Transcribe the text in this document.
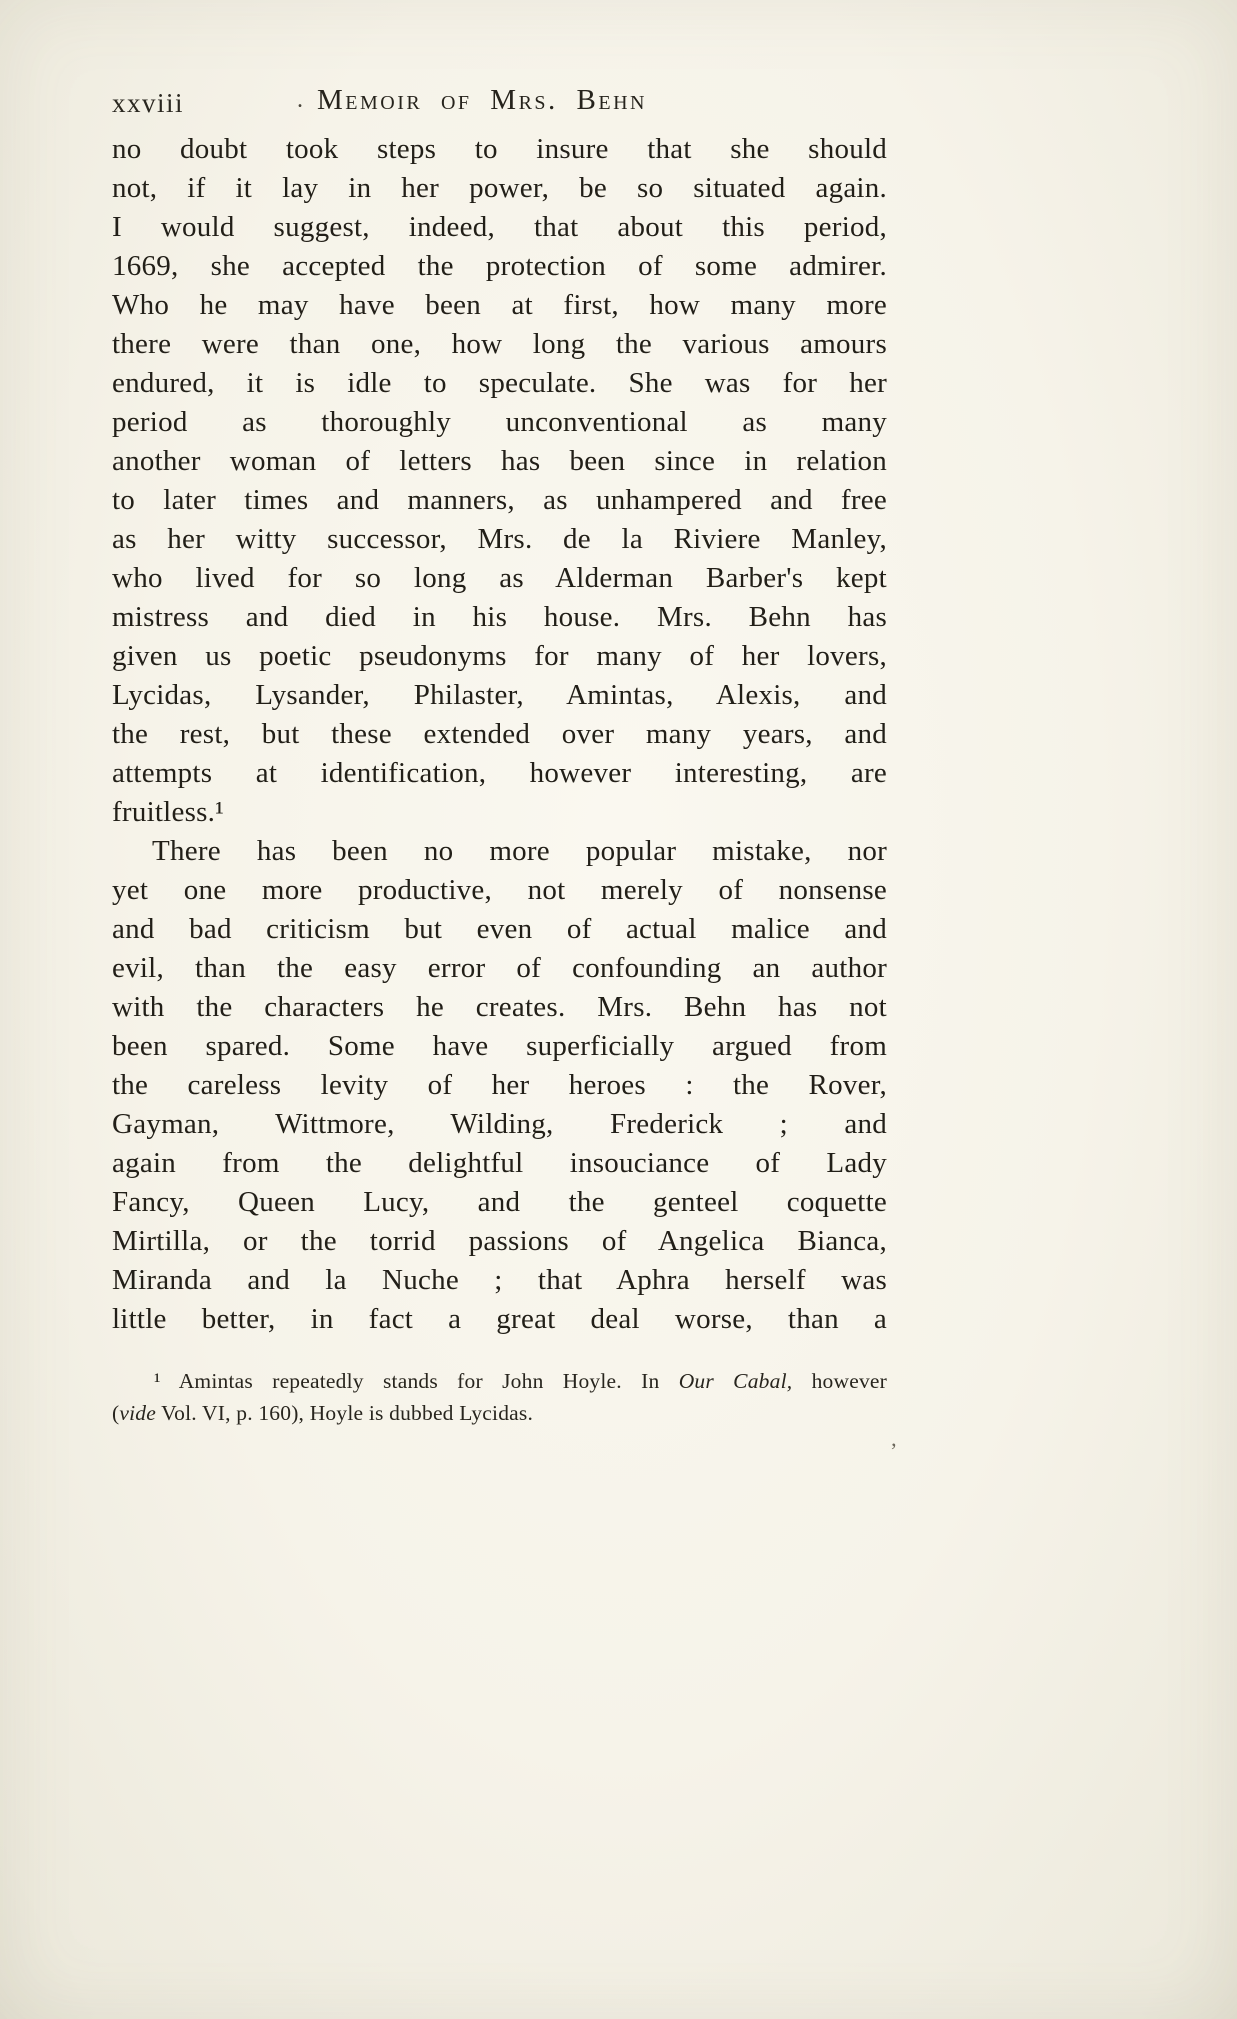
xxviii	. Memoir of Mrs. Behn
no doubt took steps to insure that she should
not, if it lay in her power, be so situated again.
I would suggest, indeed, that about this period,
1669, she accepted the protection of some admirer.
Who he may have been at first, how many more
there were than one, how long the various amours
endured, it is idle to speculate. She was for her
period as thoroughly unconventional as many
another woman of letters has been since in relation
to later times and manners, as unhampered and free
as her witty successor, Mrs. de la Riviere Manley,
who lived for so long as Alderman Barber's kept
mistress and died in his house. Mrs. Behn has
given us poetic pseudonyms for many of her lovers,
Lycidas, Lysander, Philaster, Amintas, Alexis, and
the rest, but these extended over many years, and
attempts at identification, however interesting, are
fruitless.¹
There has been no more popular mistake, nor
yet one more productive, not merely of nonsense
and bad criticism but even of actual malice and
evil, than the easy error of confounding an author
with the characters he creates. Mrs. Behn has not
been spared. Some have superficially argued from
the careless levity of her heroes : the Rover,
Gayman, Wittmore, Wilding, Frederick ; and
again from the delightful insouciance of Lady
Fancy, Queen Lucy, and the genteel coquette
Mirtilla, or the torrid passions of Angelica Bianca,
Miranda and la Nuche ; that Aphra herself was
little better, in fact a great deal worse, than a
¹ Amintas repeatedly stands for John Hoyle. In Our Cabal, however
(vide Vol. VI, p. 160), Hoyle is dubbed Lycidas.
’
